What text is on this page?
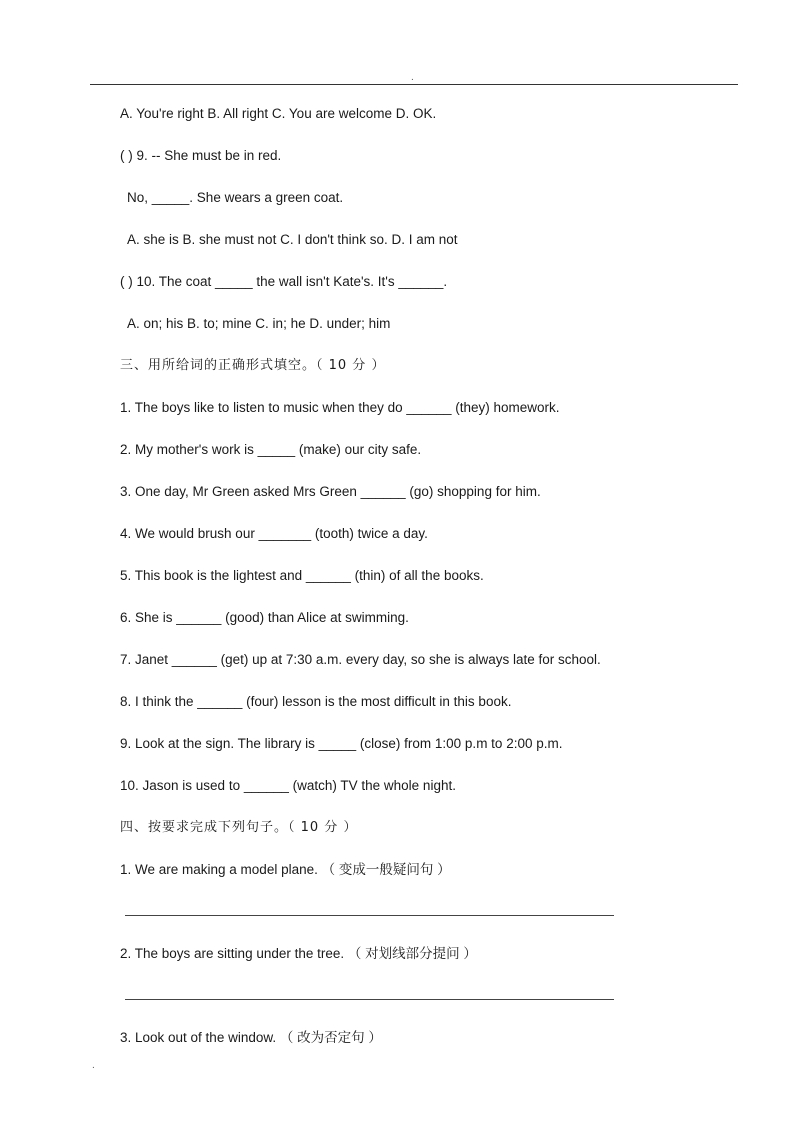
.
A. You're right B. All right C. You are welcome D. OK.
( ) 9. -- She must be in red.
No, _____. She wears a green coat.
A. she is B. she must not C. I don't think so. D. I am not
( ) 10. The coat _____ the wall isn't Kate's. It's ______.
A. on; his B. to; mine C. in; he D. under; him
三、用所给词的正确形式填空。（ 10 分 ）
1. The boys like to listen to music when they do ______ (they) homework.
2. My mother's work is _____ (make) our city safe.
3. One day, Mr Green asked Mrs Green ______ (go) shopping for him.
4. We would brush our _______ (tooth) twice a day.
5. This book is the lightest and ______ (thin) of all the books.
6. She is ______ (good) than Alice at swimming.
7. Janet ______ (get) up at 7:30 a.m. every day, so she is always late for school.
8. I think the ______ (four) lesson is the most difficult in this book.
9. Look at the sign. The library is _____ (close) from 1:00 p.m to 2:00 p.m.
10. Jason is used to ______ (watch) TV the whole night.
四、按要求完成下列句子。（ 10 分 ）
1. We are making a model plane. （ 变成一般疑问句 ）
2. The boys are sitting under the tree. （ 对划线部分提问 ）
3. Look out of the window. （ 改为否定句 ）
.
